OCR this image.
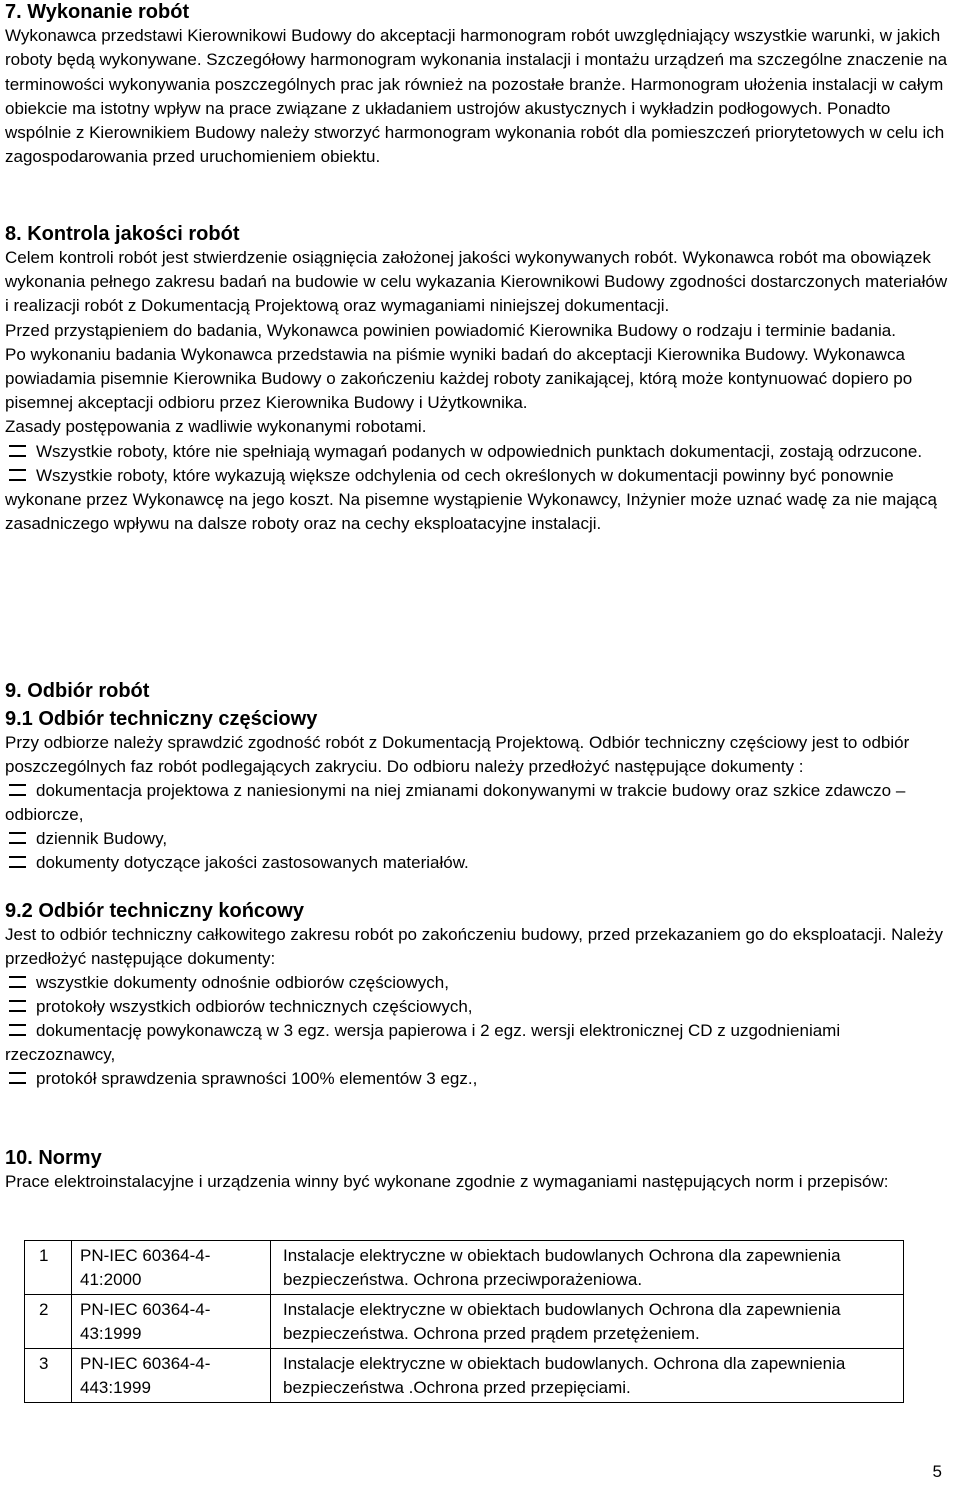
7. Wykonanie robót

Wykonawca przedstawi Kierownikowi Budowy do akceptacji harmonogram robót uwzględniający wszystkie warunki, w jakich roboty będą wykonywane. Szczegółowy harmonogram wykonania instalacji i montażu urządzeń ma szczególne znaczenie na terminowości wykonywania poszczególnych prac jak również na pozostałe branże. Harmonogram ułożenia instalacji w całym obiekcie ma istotny wpływ na prace związane z układaniem ustrojów akustycznych i wykładzin podłogowych. Ponadto wspólnie z Kierownikiem Budowy należy stworzyć harmonogram wykonania robót dla pomieszczeń priorytetowych w celu ich zagospodarowania przed uruchomieniem obiektu.

8. Kontrola jakości robót

Celem kontroli robót jest stwierdzenie osiągnięcia założonej jakości wykonywanych robót. Wykonawca robót ma obowiązek wykonania pełnego zakresu badań na budowie w celu wykazania Kierownikowi Budowy zgodności dostarczonych materiałów i realizacji robót z Dokumentacją Projektową oraz wymaganiami niniejszej dokumentacji.

Przed przystąpieniem do badania, Wykonawca powinien powiadomić Kierownika Budowy o rodzaju i terminie badania.

Po wykonaniu badania Wykonawca przedstawia na piśmie wyniki badań do akceptacji Kierownika Budowy. Wykonawca powiadamia pisemnie Kierownika Budowy o zakończeniu każdej roboty zanikającej, którą może kontynuować dopiero po pisemnej akceptacji odbioru przez Kierownika Budowy i Użytkownika.

Zasady postępowania z wadliwie wykonanymi robotami.

Wszystkie roboty, które nie spełniają wymagań podanych w odpowiednich punktach dokumentacji, zostają odrzucone.

Wszystkie roboty, które wykazują większe odchylenia od cech określonych w dokumentacji powinny być ponownie wykonane przez Wykonawcę na jego koszt. Na pisemne wystąpienie Wykonawcy, Inżynier może uznać wadę za nie mającą zasadniczego wpływu na dalsze roboty oraz na cechy eksploatacyjne instalacji.

9. Odbiór robót
9.1 Odbiór techniczny częściowy

Przy odbiorze należy sprawdzić zgodność robót z Dokumentacją Projektową. Odbiór techniczny częściowy jest to odbiór poszczególnych faz robót podlegających zakryciu. Do odbioru należy przedłożyć następujące dokumenty :

dokumentacja projektowa z naniesionymi na niej zmianami dokonywanymi w trakcie budowy oraz szkice zdawczo – odbiorcze,

dziennik Budowy,

dokumenty dotyczące jakości zastosowanych materiałów.

9.2 Odbiór techniczny końcowy

Jest to odbiór techniczny całkowitego zakresu robót po zakończeniu budowy, przed przekazaniem go do eksploatacji. Należy przedłożyć następujące dokumenty:

wszystkie dokumenty odnośnie odbiorów częściowych,

protokoły wszystkich odbiorów technicznych częściowych,

dokumentację powykonawczą w 3 egz. wersja papierowa i 2 egz. wersji elektronicznej CD z uzgodnieniami rzeczoznawcy,

protokół sprawdzenia sprawności 100% elementów 3 egz.,

10. Normy

Prace elektroinstalacyjne i urządzenia winny być wykonane zgodnie z wymaganiami następujących norm i przepisów:

1	PN-IEC 60364-4-41:2000	Instalacje elektryczne w obiektach budowlanych Ochrona dla zapewnienia bezpieczeństwa. Ochrona przeciwporażeniowa.
2	PN-IEC 60364-4-43:1999	Instalacje elektryczne w obiektach budowlanych Ochrona dla zapewnienia bezpieczeństwa. Ochrona przed prądem przetężeniem.
3	PN-IEC 60364-4-443:1999	Instalacje elektryczne w obiektach budowlanych. Ochrona dla zapewnienia bezpieczeństwa .Ochrona przed przepięciami.
5
